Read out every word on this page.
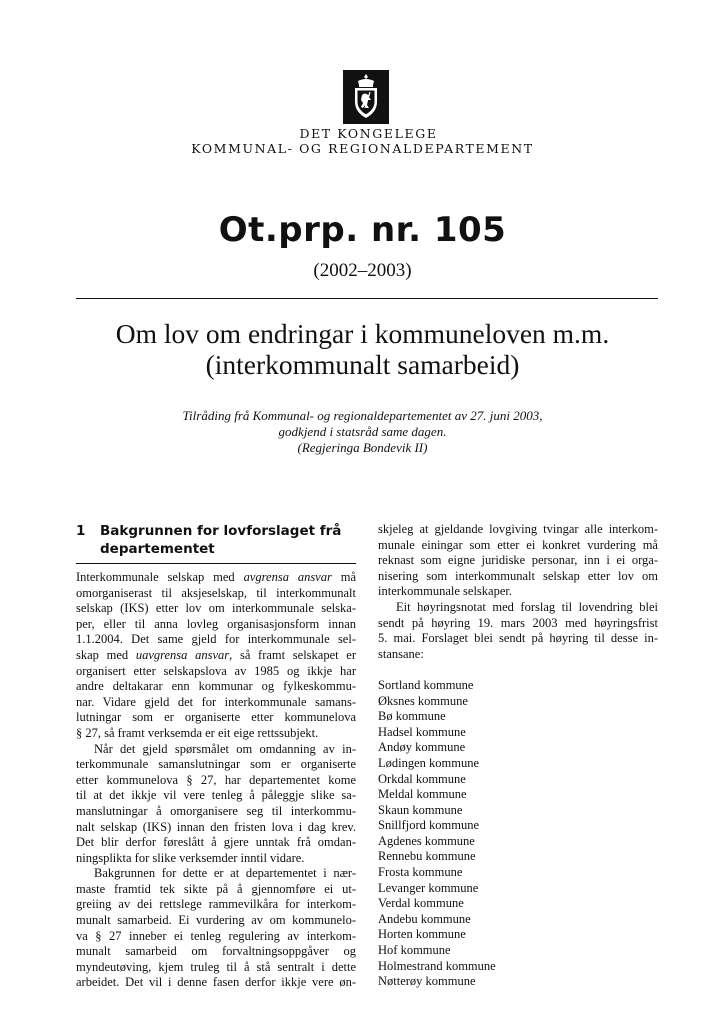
DET KONGELEGE
KOMMUNAL- OG REGIONALDEPARTEMENT
Ot.prp. nr. 105
(2002–2003)
Om lov om endringar i kommuneloven m.m.
(interkommunalt samarbeid)
Tilråding frå Kommunal- og regionaldepartementet av 27. juni 2003,
godkjend i statsråd same dagen.
(Regjeringa Bondevik II)
1	Bakgrunnen for lovforslaget frå departementet

Interkommunale selskap med avgrensa ansvar må

omorganiserast til aksjeselskap, til interkommunalt

selskap (IKS) etter lov om interkommunale selska-

per, eller til anna lovleg organisasjonsform innan

1.1.2004. Det same gjeld for interkommunale sel-

skap med uavgrensa ansvar, så framt selskapet er

organisert etter selskapslova av 1985 og ikkje har

andre deltakarar enn kommunar og fylkeskommu-

nar. Vidare gjeld det for interkommunale samans-

lutningar som er organiserte etter kommunelova

§ 27, så framt verksemda er eit eige rettssubjekt.

Når det gjeld spørsmålet om omdanning av in-

terkommunale samanslutningar som er organiserte

etter kommunelova § 27, har departementet kome

til at det ikkje vil vere tenleg å påleggje slike sa-

manslutningar å omorganisere seg til interkommu-

nalt selskap (IKS) innan den fristen lova i dag krev.

Det blir derfor føreslått å gjere unntak frå omdan-

ningsplikta for slike verksemder inntil vidare.

Bakgrunnen for dette er at departementet i nær-

maste framtid tek sikte på å gjennomføre ei ut-

greiing av dei rettslege rammevilkåra for interkom-

munalt samarbeid. Ei vurdering av om kommunelo-

va § 27 inneber ei tenleg regulering av interkom-

munalt samarbeid om forvaltningsoppgåver og

myndeutøving, kjem truleg til å stå sentralt i dette

arbeidet. Det vil i denne fasen derfor ikkje vere øn-

skjeleg at gjeldande lovgiving tvingar alle interkom-

munale einingar som etter ei konkret vurdering må

reknast som eigne juridiske personar, inn i ei orga-

nisering som interkommunalt selskap etter lov om

interkommunale selskaper.

Eit høyringsnotat med forslag til lovendring blei

sendt på høyring 19. mars 2003 med høyringsfrist

5. mai. Forslaget blei sendt på høyring til desse in-

stansane:

Sortland kommune
Øksnes kommune
Bø kommune
Hadsel kommune
Andøy kommune
Lødingen kommune
Orkdal kommune
Meldal kommune
Skaun kommune
Snillfjord kommune
Agdenes kommune
Rennebu kommune
Frosta kommune
Levanger kommune
Verdal kommune
Andebu kommune
Horten kommune
Hof kommune
Holmestrand kommune
Nøtterøy kommune
